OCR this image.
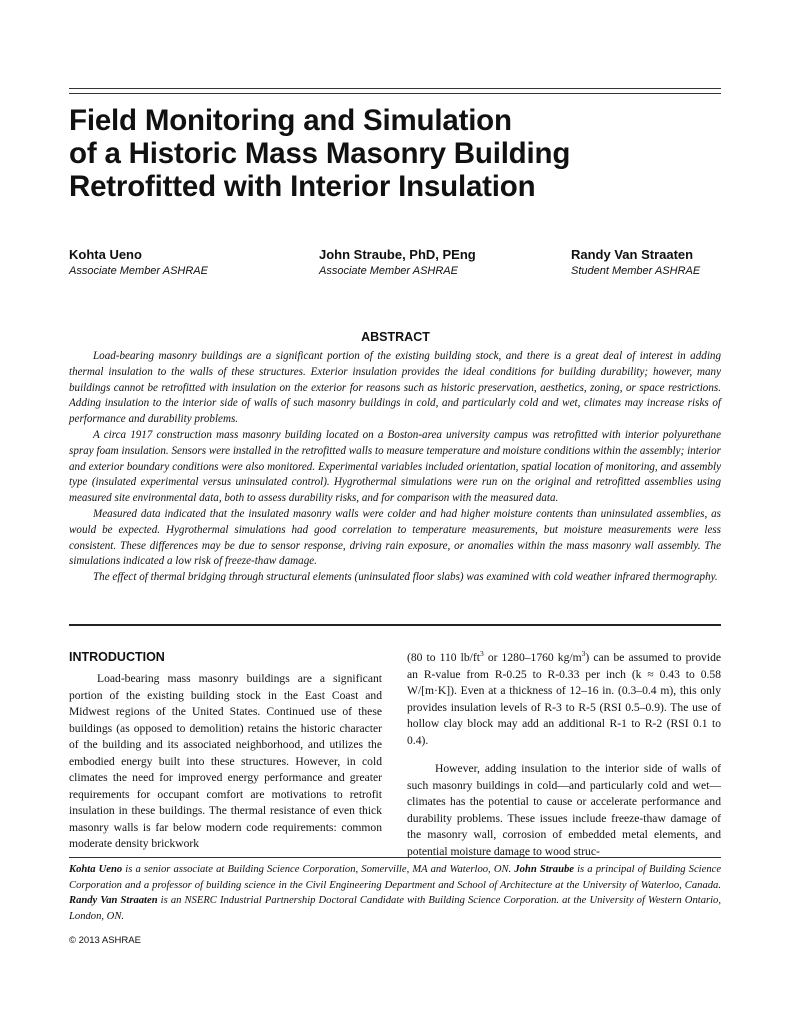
Field Monitoring and Simulation
of a Historic Mass Masonry Building
Retrofitted with Interior Insulation
Kohta Ueno
Associate Member ASHRAE
John Straube, PhD, PEng
Associate Member ASHRAE
Randy Van Straaten
Student Member ASHRAE
ABSTRACT

Load-bearing masonry buildings are a significant portion of the existing building stock, and there is a great deal of interest in adding thermal insulation to the walls of these structures. Exterior insulation provides the ideal conditions for building durability; however, many buildings cannot be retrofitted with insulation on the exterior for reasons such as historic preservation, aesthetics, zoning, or space restrictions. Adding insulation to the interior side of walls of such masonry buildings in cold, and particularly cold and wet, climates may increase risks of performance and durability problems.

A circa 1917 construction mass masonry building located on a Boston-area university campus was retrofitted with interior polyurethane spray foam insulation. Sensors were installed in the retrofitted walls to measure temperature and moisture conditions within the assembly; interior and exterior boundary conditions were also monitored. Experimental variables included orientation, spatial location of monitoring, and assembly type (insulated experimental versus uninsulated control). Hygrothermal simulations were run on the original and retrofitted assemblies using measured site environmental data, both to assess durability risks, and for comparison with the measured data.

Measured data indicated that the insulated masonry walls were colder and had higher moisture contents than uninsulated assemblies, as would be expected. Hygrothermal simulations had good correlation to temperature measurements, but moisture measurements were less consistent. These differences may be due to sensor response, driving rain exposure, or anomalies within the mass masonry wall assembly. The simulations indicated a low risk of freeze-thaw damage.

The effect of thermal bridging through structural elements (uninsulated floor slabs) was examined with cold weather infrared thermography.

INTRODUCTION

Load-bearing mass masonry buildings are a significant portion of the existing building stock in the East Coast and Midwest regions of the United States. Continued use of these buildings (as opposed to demolition) retains the historic character of the building and its associated neighborhood, and utilizes the embodied energy built into these structures. However, in cold climates the need for improved energy performance and greater requirements for occupant comfort are motivations to retrofit insulation in these buildings. The thermal resistance of even thick masonry walls is far below modern code requirements: common moderate density brickwork

(80 to 110 $lb/ft^3$ or 1280–1760 $kg/m^3$) can be assumed to provide an R-value from R-0.25 to R-0.33 per inch (k ≈ 0.43 to 0.58 W/[m·K]). Even at a thickness of 12–16 in. (0.3–0.4 m), this only provides insulation levels of R-3 to R-5 (RSI 0.5–0.9). The use of hollow clay block may add an additional R-1 to R-2 (RSI 0.1 to 0.4).

However, adding insulation to the interior side of walls of such masonry buildings in cold—and particularly cold and wet—climates has the potential to cause or accelerate performance and durability problems. These issues include freeze-thaw damage of the masonry wall, corrosion of embedded metal elements, and potential moisture damage to wood struc-

Kohta Ueno is a senior associate at Building Science Corporation, Somerville, MA and Waterloo, ON. John Straube is a principal of Building Science Corporation and a professor of building science in the Civil Engineering Department and School of Architecture at the University of Waterloo, Canada. Randy Van Straaten is an NSERC Industrial Partnership Doctoral Candidate with Building Science Corporation. at the University of Western Ontario, London, ON.
© 2013 ASHRAE
